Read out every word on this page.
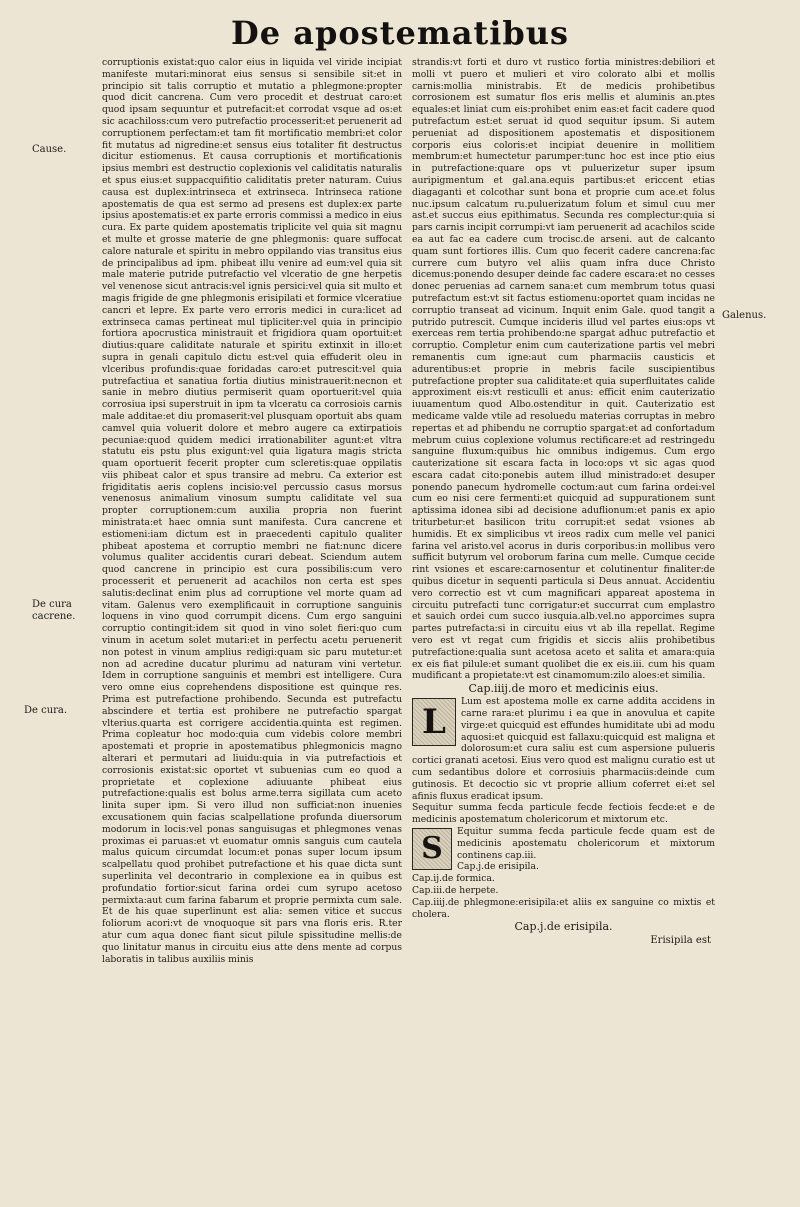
De apostematibus
Cause.
De cura cacrene.
De cura.
Galenus.

corruptionis existat:quo calor eius in liquida vel viride incipiat manifeste mutari:minorat eius sensus si sensibile sit:et in principio sit talis corruptio et mutatio a phlegmone:propter quod dicit cancrena. Cum vero procedit et destruat caro:et quod ipsam sequuntur et putrefacit:et corrodat vsque ad os:et sic acachiloss:cum vero putrefactio processerit:et peruenerit ad corruptionem perfectam:et tam fit mortificatio membri:et color fit mutatus ad nigredine:et sensus eius totaliter fit destructus dicitur estiomenus. Et causa corruptionis et mortificationis ipsius membri est destructio coplexionis vel caliditatis naturalis et spus eius:et suppacquifitio caliditatis preter naturam. Cuius causa est duplex:intrinseca et extrinseca. Intrinseca ratione apostematis de qua est sermo ad presens est duplex:ex parte ipsius apostematis:et ex parte erroris commissi a medico in eius cura. Ex parte quidem apostematis triplicite vel quia sit magnu et multe et grosse materie de gne phlegmonis: quare suffocat calore naturale et spiritu in mebro oppilando vias transitus eius de principalibus ad ipm. phibeat illu venire ad eum:vel quia sit male materie putride putrefactio vel vlceratio de gne herpetis vel venenose sicut antracis:vel ignis persici:vel quia sit multo et magis frigide de gne phlegmonis erisipilati et formice vlceratiue cancri et lepre. Ex parte vero erroris medici in cura:licet ad extrinseca camas pertineat mul tipliciter:vel quia in principio fortiora apocrustica ministrauit et frigidiora quam oportuit:et diutius:quare caliditate naturale et spiritu extinxit in illo:et supra in genali capitulo dictu est:vel quia effuderit oleu in vlceribus profundis:quae foridadas caro:et putrescit:vel quia putrefactiua et sanatiua fortia diutius ministrauerit:necnon et sanie in mebro diutius permiserit quam oportuerit:vel quia corrosiua ipsi superstruit in ipm ta vlceratu ca corrosiois carnis male additae:et diu promaserit:vel plusquam oportuit abs quam camvel quia voluerit dolore et mebro augere ca extirpatiois pecuniae:quod quidem medici irrationabiliter agunt:et vltra statutu eis pstu plus exigunt:vel quia ligatura magis stricta quam oportuerit fecerit propter cum scleretis:quae oppilatis viis phibeat calor et spus transire ad mebru. Ca exterior est frigiditatis aeris coplens incisio:vel percussio casus morsus venenosus animalium vinosum sumptu caliditate vel sua propter corruptionem:cum auxilia propria non fuerint ministrata:et haec omnia sunt manifesta. Cura cancrene et estiomeni:iam dictum est in praecedenti capitulo qualiter phibeat apostema et corruptio membri ne fiat:nunc dicere volumus qualiter accidentis curari debeat. Sciendum autem quod cancrene in principio est cura possibilis:cum vero processerit et peruenerit ad acachilos non certa est spes salutis:declinat enim plus ad corruptione vel morte quam ad vitam. Galenus vero exemplificauit in corruptione sanguinis loquens in vino quod corrumpit dicens. Cum ergo sanguini corruptio contingit:idem sit quod in vino solet fieri:quo cum vinum in acetum solet mutari:et in perfectu acetu peruenerit non potest in vinum amplius redigi:quam sic paru mutetur:et non ad acredine ducatur plurimu ad naturam vini vertetur. Idem in corruptione sanguinis et membri est intelligere. Cura vero omne eius coprehendens dispositione est quinque res. Prima est putrefactione prohibendo. Secunda est putrefactu abscindere et tertia est prohibere ne putrefactio spargat vlterius.quarta est corrigere accidentia.quinta est regimen. Prima copleatur hoc modo:quia cum videbis colore membri apostemati et proprie in apostematibus phlegmonicis magno alterari et permutari ad liuidu:quia in via putrefactiois et corrosionis existat:sic oportet vt subuenias cum eo quod a proprietate et coplexione adiuuante phibeat eius putrefactione:qualis est bolus arme.terra sigillata cum aceto linita super ipm. Si vero illud non sufficiat:non inuenies excusationem quin facias scalpellatione profunda diuersorum modorum in locis:vel ponas sanguisugas et phlegmones venas proximas ei paruas:et vt euomatur omnis sanguis cum cautela malus quicum circumdat locum:et ponas super locum ipsum scalpellatu quod prohibet putrefactione et his quae dicta sunt superlinita vel decontrario in complexione ea in quibus est profundatio fortior:sicut farina ordei cum syrupo acetoso permixta:aut cum farina fabarum et proprie permixta cum sale. Et de his quae superlinunt est alia: semen vitice et succus foliorum acori:vt de vnoquoque sit pars vna floris eris. R.ter atur cum aqua donec fiant sicut pilule spissitudine mellis:de quo linitatur manus in circuitu eius atte dens mente ad corpus laboratis in talibus auxiliis minis

strandis:vt forti et duro vt rustico fortia ministres:debiliori et molli vt puero et mulieri et viro colorato albi et mollis carnis:mollia ministrabis. Et de medicis prohibetibus corrosionem est sumatur flos eris mellis et aluminis an.ptes equales:et liniat cum eis:prohibet enim eas:et facit cadere quod putrefactum est:et seruat id quod sequitur ipsum. Si autem perueniat ad dispositionem apostematis et dispositionem corporis eius coloris:et incipiat deuenire in mollitiem membrum:et humectetur parumper:tunc hoc est ince ptio eius in putrefactione:quare ops vt puluerizetur super ipsum auripigmentum et gal.ana.equis partibus:et ericcent etias diagaganti et colcothar sunt bona et proprie cum ace.et folus nuc.ipsum calcatum ru.puluerizatum folum et simul cuu mer ast.et succus eius epithimatus. Secunda res complectur:quia si pars carnis incipit corrumpi:vt iam peruenerit ad acachilos scide ea aut fac ea cadere cum trocisc.de arseni. aut de calcanto quam sunt fortiores illis. Cum quo fecerit cadere cancrena:fac currere cum butyro vel aliis quam infra duce Christo dicemus:ponendo desuper deinde fac cadere escara:et no cesses donec peruenias ad carnem sana:et cum membrum totus quasi putrefactum est:vt sit factus estiomenu:oportet quam incidas ne corruptio transeat ad vicinum. Inquit enim Gale. quod tangit a putrido putrescit. Cumque incideris illud vel partes eius:ops vt exerceas rem tertia prohibendo:ne spargat adhuc putrefactio et corruptio. Completur enim cum cauterizatione partis vel mebri remanentis cum igne:aut cum pharmaciis causticis et adurentibus:et proprie in mebris facile suscipientibus putrefactione propter sua caliditate:et quia superfluitates calide approximent eis:vt resticulli et anus: efficit enim cauterizatio iuuamentum quod Albo.ostenditur in quit. Cauterizatio est medicame valde vtile ad resoluedu materias corruptas in mebro repertas et ad phibendu ne corruptio spargat:et ad confortadum mebrum cuius coplexione volumus rectificare:et ad restringedu sanguine fluxum:quibus hic omnibus indigemus. Cum ergo cauterizatione sit escara facta in loco:ops vt sic agas quod escara cadat cito:ponebis autem illud ministrado:et desuper ponendo panecum hydromelle coctum:aut cum farina ordei:vel cum eo nisi cere fermenti:et quicquid ad suppurationem sunt aptissima idonea sibi ad decisione aduflionum:et panis ex apio triturbetur:et basilicon tritu corrupit:et sedat vsiones ab humidis. Et ex simplicibus vt ireos radix cum melle vel panici farina vel aristo.vel acorus in duris corporibus:in mollibus vero sufficit butyrum vel oroborum farina cum melle. Cumque cecide rint vsiones et escare:carnosentur et colutinentur finaliter:de quibus dicetur in sequenti particula si Deus annuat. Accidentiu vero correctio est vt cum magnificari appareat apostema in circuitu putrefacti tunc corrigatur:et succurrat cum emplastro et sauich ordei cum succo iusquia.alb.vel.no apporcimes supra partes putrefacta:si in circuitu eius vt ab illa repellat. Regime vero est vt regat cum frigidis et siccis aliis prohibetibus putrefactione:qualia sunt acetosa aceto et salita et amara:quia ex eis fiat pilule:et sumant quolibet die ex eis.iii. cum his quam mudificant a propietate:vt est cinamomum:zilo aloes:et similia.

Cap.iiij.de moro et medicinis eius.

L
Lum est apostema molle ex carne addita accidens in carne rara:et plurimu i ea que in anovulua et capite virge:et quicquid est effundes humiditate ubi ad modu aquosi:et quicquid est fallaxu:quicquid est maligna et dolorosum:et cura saliu est cum aspersione pulueris cortici granati acetosi. Eius vero quod est malignu curatio est ut cum sedantibus dolore et corrosiuis pharmaciis:deinde cum gutinosis. Et decoctio sic vt proprie allium coferret ei:et sel afinis fluxus eradicat ipsum.

Sequitur summa fecda particule fecde fectiois fecde:et e de medicinis apostematum cholericorum et mixtorum etc.

S	Equitur summa fecda particule fecde quam est de medicinis apostematu cholericorum et mixtorum continens cap.iii.

Cap.j.de erisipila.
Cap.ij.de formica.
Cap.iii.de herpete.
Cap.iiij.de phlegmone:erisipila:et aliis ex sanguine co mixtis et cholera.
Cap.j.de erisipila.
Erisipila est
